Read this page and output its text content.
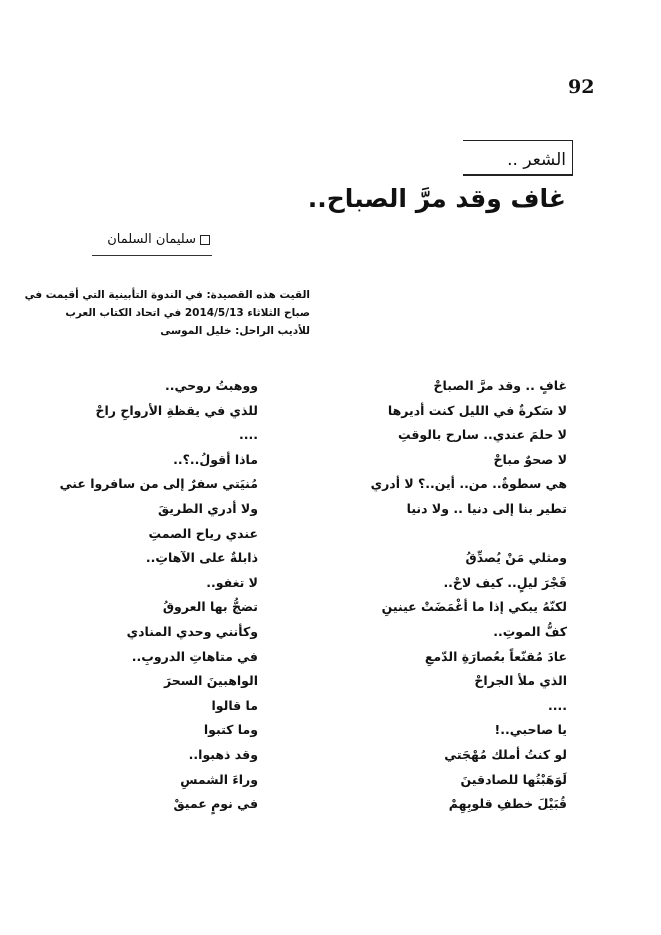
92
الشعر ..
غاف وقد مرَّ الصباح..
سليمان السلمان
القيت هذه القصيدة: في الندوة التأبينية التي أقيمت في
صباح الثلاثاء 2014/5/13 في اتحاد الكتاب العرب
للأديب الراحل: خليل الموسى
غافٍ .. وقد مرَّ الصباحْ
لا سَكرةٌ في الليل كنت أديرها
لا حلمَ عندي.. سارح بالوقتِ
لا صحوٌ مباحْ
هي سطوةٌ.. من.. أين..؟ لا أدري
تطير بنا إلى دنيا .. ولا دنيا
ومثلي مَنْ يُصدِّقُ
فَجْرَ ليلٍ.. كيف لاحْ..
لكنّهُ يبكي إذا ما أغْمَضَتْ عينينِ
كفُّ الموتِ..
عادَ مُقنّعاً بعُصارَةِ الدّمعِ
الذي ملأ الجراحْ
....
يا صاحبي..!
لو كنتُ أملك مُهْجَتي
لَوَهَبْتُها للصادقينَ
قُبَيْلَ خطفِ قلوبِهِمْ
ووهبتُ روحي..
للذي في يقظةِ الأرواحِ راحْ
....
ماذا أقولُ..؟..
مُنيَتي سفرٌ إلى من سافروا عني
ولا أدري الطريقَ
عندي رياح الصمتِ
ذابلةٌ على الآهاتِ..
لا تغفو..
تضجُّ بها العروقُ
وكأنني وحدي المنادي
في متاهاتِ الدروبِ..
الواهبينَ السحرَ
ما قالوا
وما كتبوا
وقد ذهبوا..
وراءَ الشمسِ
في نومٍ عميقْ
